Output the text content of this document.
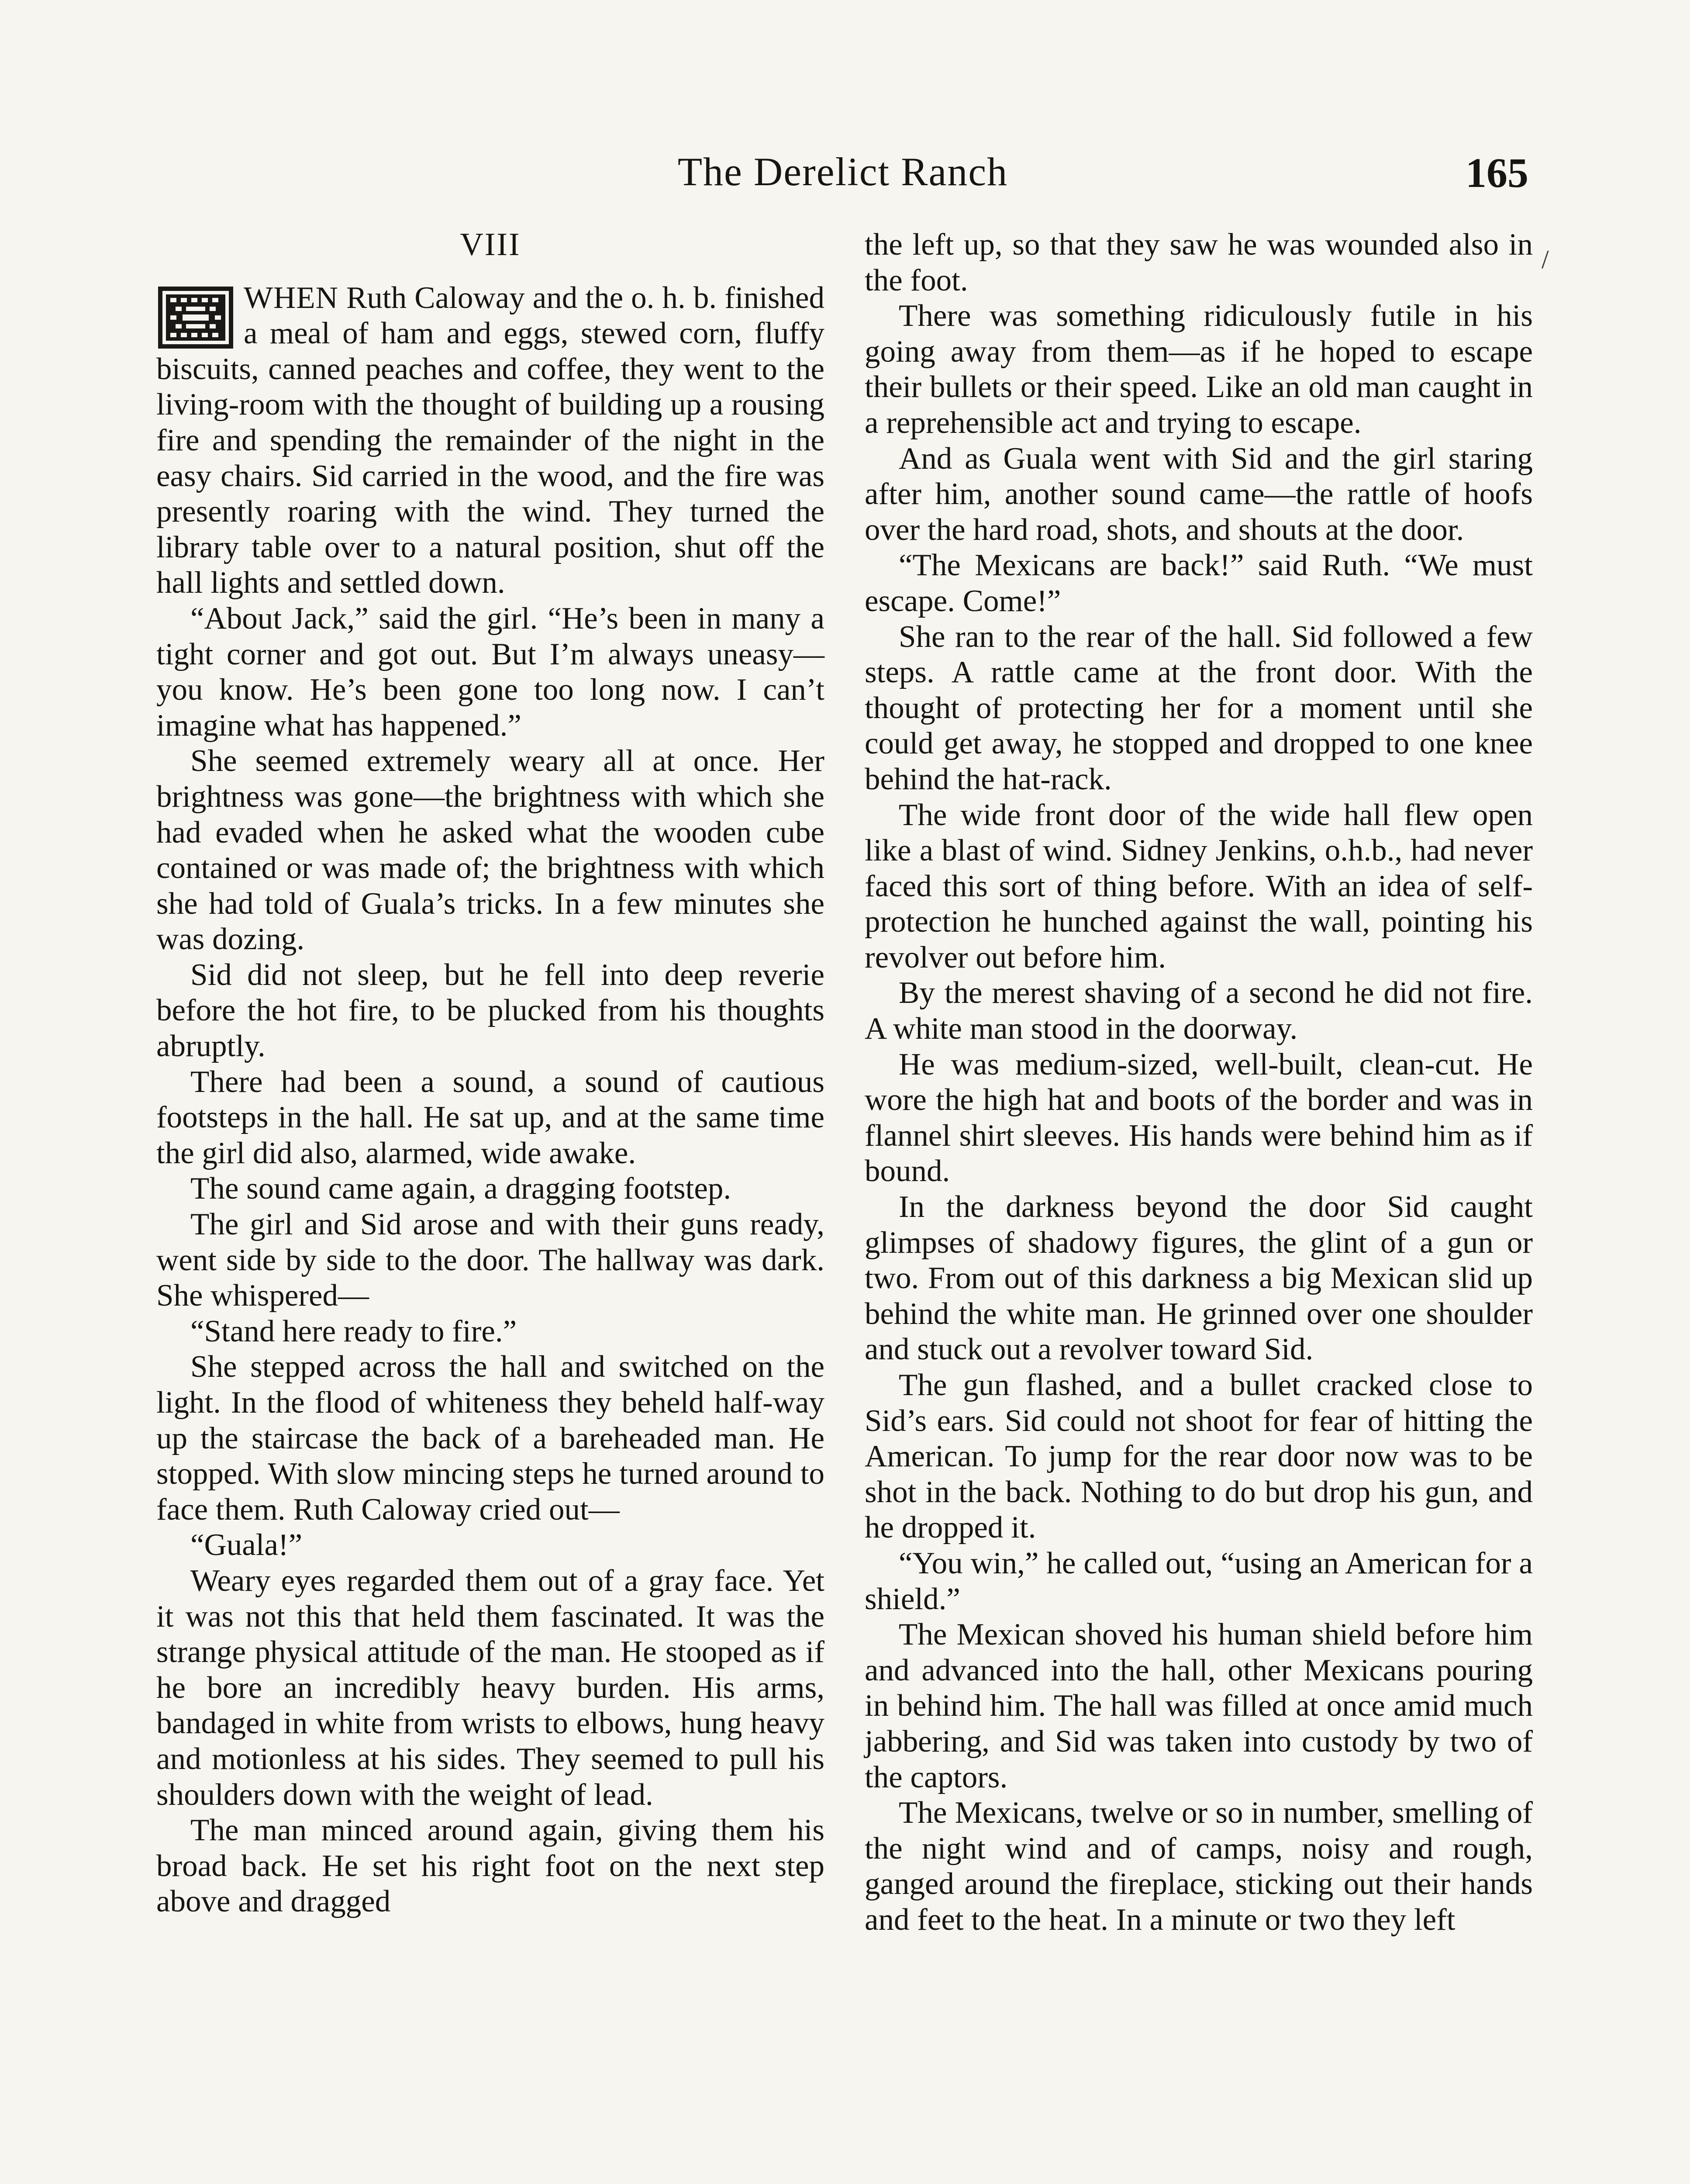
The Derelict Ranch	165
VIII

WHEN Ruth Caloway and the o. h. b. finished a meal of ham and eggs, stewed corn, fluffy biscuits, canned peaches and coffee, they went to the living-room with the thought of building up a rousing fire and spending the remainder of the night in the easy chairs. Sid carried in the wood, and the fire was presently roaring with the wind. They turned the library table over to a natural position, shut off the hall lights and settled down.

“About Jack,” said the girl. “He’s been in many a tight corner and got out. But I’m always uneasy—you know. He’s been gone too long now. I can’t imagine what has happened.”

She seemed extremely weary all at once. Her brightness was gone—the brightness with which she had evaded when he asked what the wooden cube contained or was made of; the brightness with which she had told of Guala’s tricks. In a few minutes she was dozing.

Sid did not sleep, but he fell into deep reverie before the hot fire, to be plucked from his thoughts abruptly.

There had been a sound, a sound of cautious footsteps in the hall. He sat up, and at the same time the girl did also, alarmed, wide awake.

The sound came again, a dragging footstep.

The girl and Sid arose and with their guns ready, went side by side to the door. The hallway was dark. She whispered—

“Stand here ready to fire.”

She stepped across the hall and switched on the light. In the flood of whiteness they beheld half-way up the staircase the back of a bareheaded man. He stopped. With slow mincing steps he turned around to face them. Ruth Caloway cried out—

“Guala!”

Weary eyes regarded them out of a gray face. Yet it was not this that held them fascinated. It was the strange physical attitude of the man. He stooped as if he bore an incredibly heavy burden. His arms, bandaged in white from wrists to elbows, hung heavy and motionless at his sides. They seemed to pull his shoulders down with the weight of lead.

The man minced around again, giving them his broad back. He set his right foot on the next step above and dragged

the left up, so that they saw he was wounded also in the foot.

There was something ridiculously futile in his going away from them—as if he hoped to escape their bullets or their speed. Like an old man caught in a reprehensible act and trying to escape.

And as Guala went with Sid and the girl staring after him, another sound came—the rattle of hoofs over the hard road, shots, and shouts at the door.

“The Mexicans are back!” said Ruth. “We must escape. Come!”

She ran to the rear of the hall. Sid followed a few steps. A rattle came at the front door. With the thought of protecting her for a moment until she could get away, he stopped and dropped to one knee behind the hat-rack.

The wide front door of the wide hall flew open like a blast of wind. Sidney Jenkins, o.h.b., had never faced this sort of thing before. With an idea of self-protection he hunched against the wall, pointing his revolver out before him.

By the merest shaving of a second he did not fire. A white man stood in the doorway.

He was medium-sized, well-built, clean-cut. He wore the high hat and boots of the border and was in flannel shirt sleeves. His hands were behind him as if bound.

In the darkness beyond the door Sid caught glimpses of shadowy figures, the glint of a gun or two. From out of this darkness a big Mexican slid up behind the white man. He grinned over one shoulder and stuck out a revolver toward Sid.

The gun flashed, and a bullet cracked close to Sid’s ears. Sid could not shoot for fear of hitting the American. To jump for the rear door now was to be shot in the back. Nothing to do but drop his gun, and he dropped it.

“You win,” he called out, “using an American for a shield.”

The Mexican shoved his human shield before him and advanced into the hall, other Mexicans pouring in behind him. The hall was filled at once amid much jabbering, and Sid was taken into custody by two of the captors.

The Mexicans, twelve or so in number, smelling of the night wind and of camps, noisy and rough, ganged around the fireplace, sticking out their hands and feet to the heat. In a minute or two they left

/
